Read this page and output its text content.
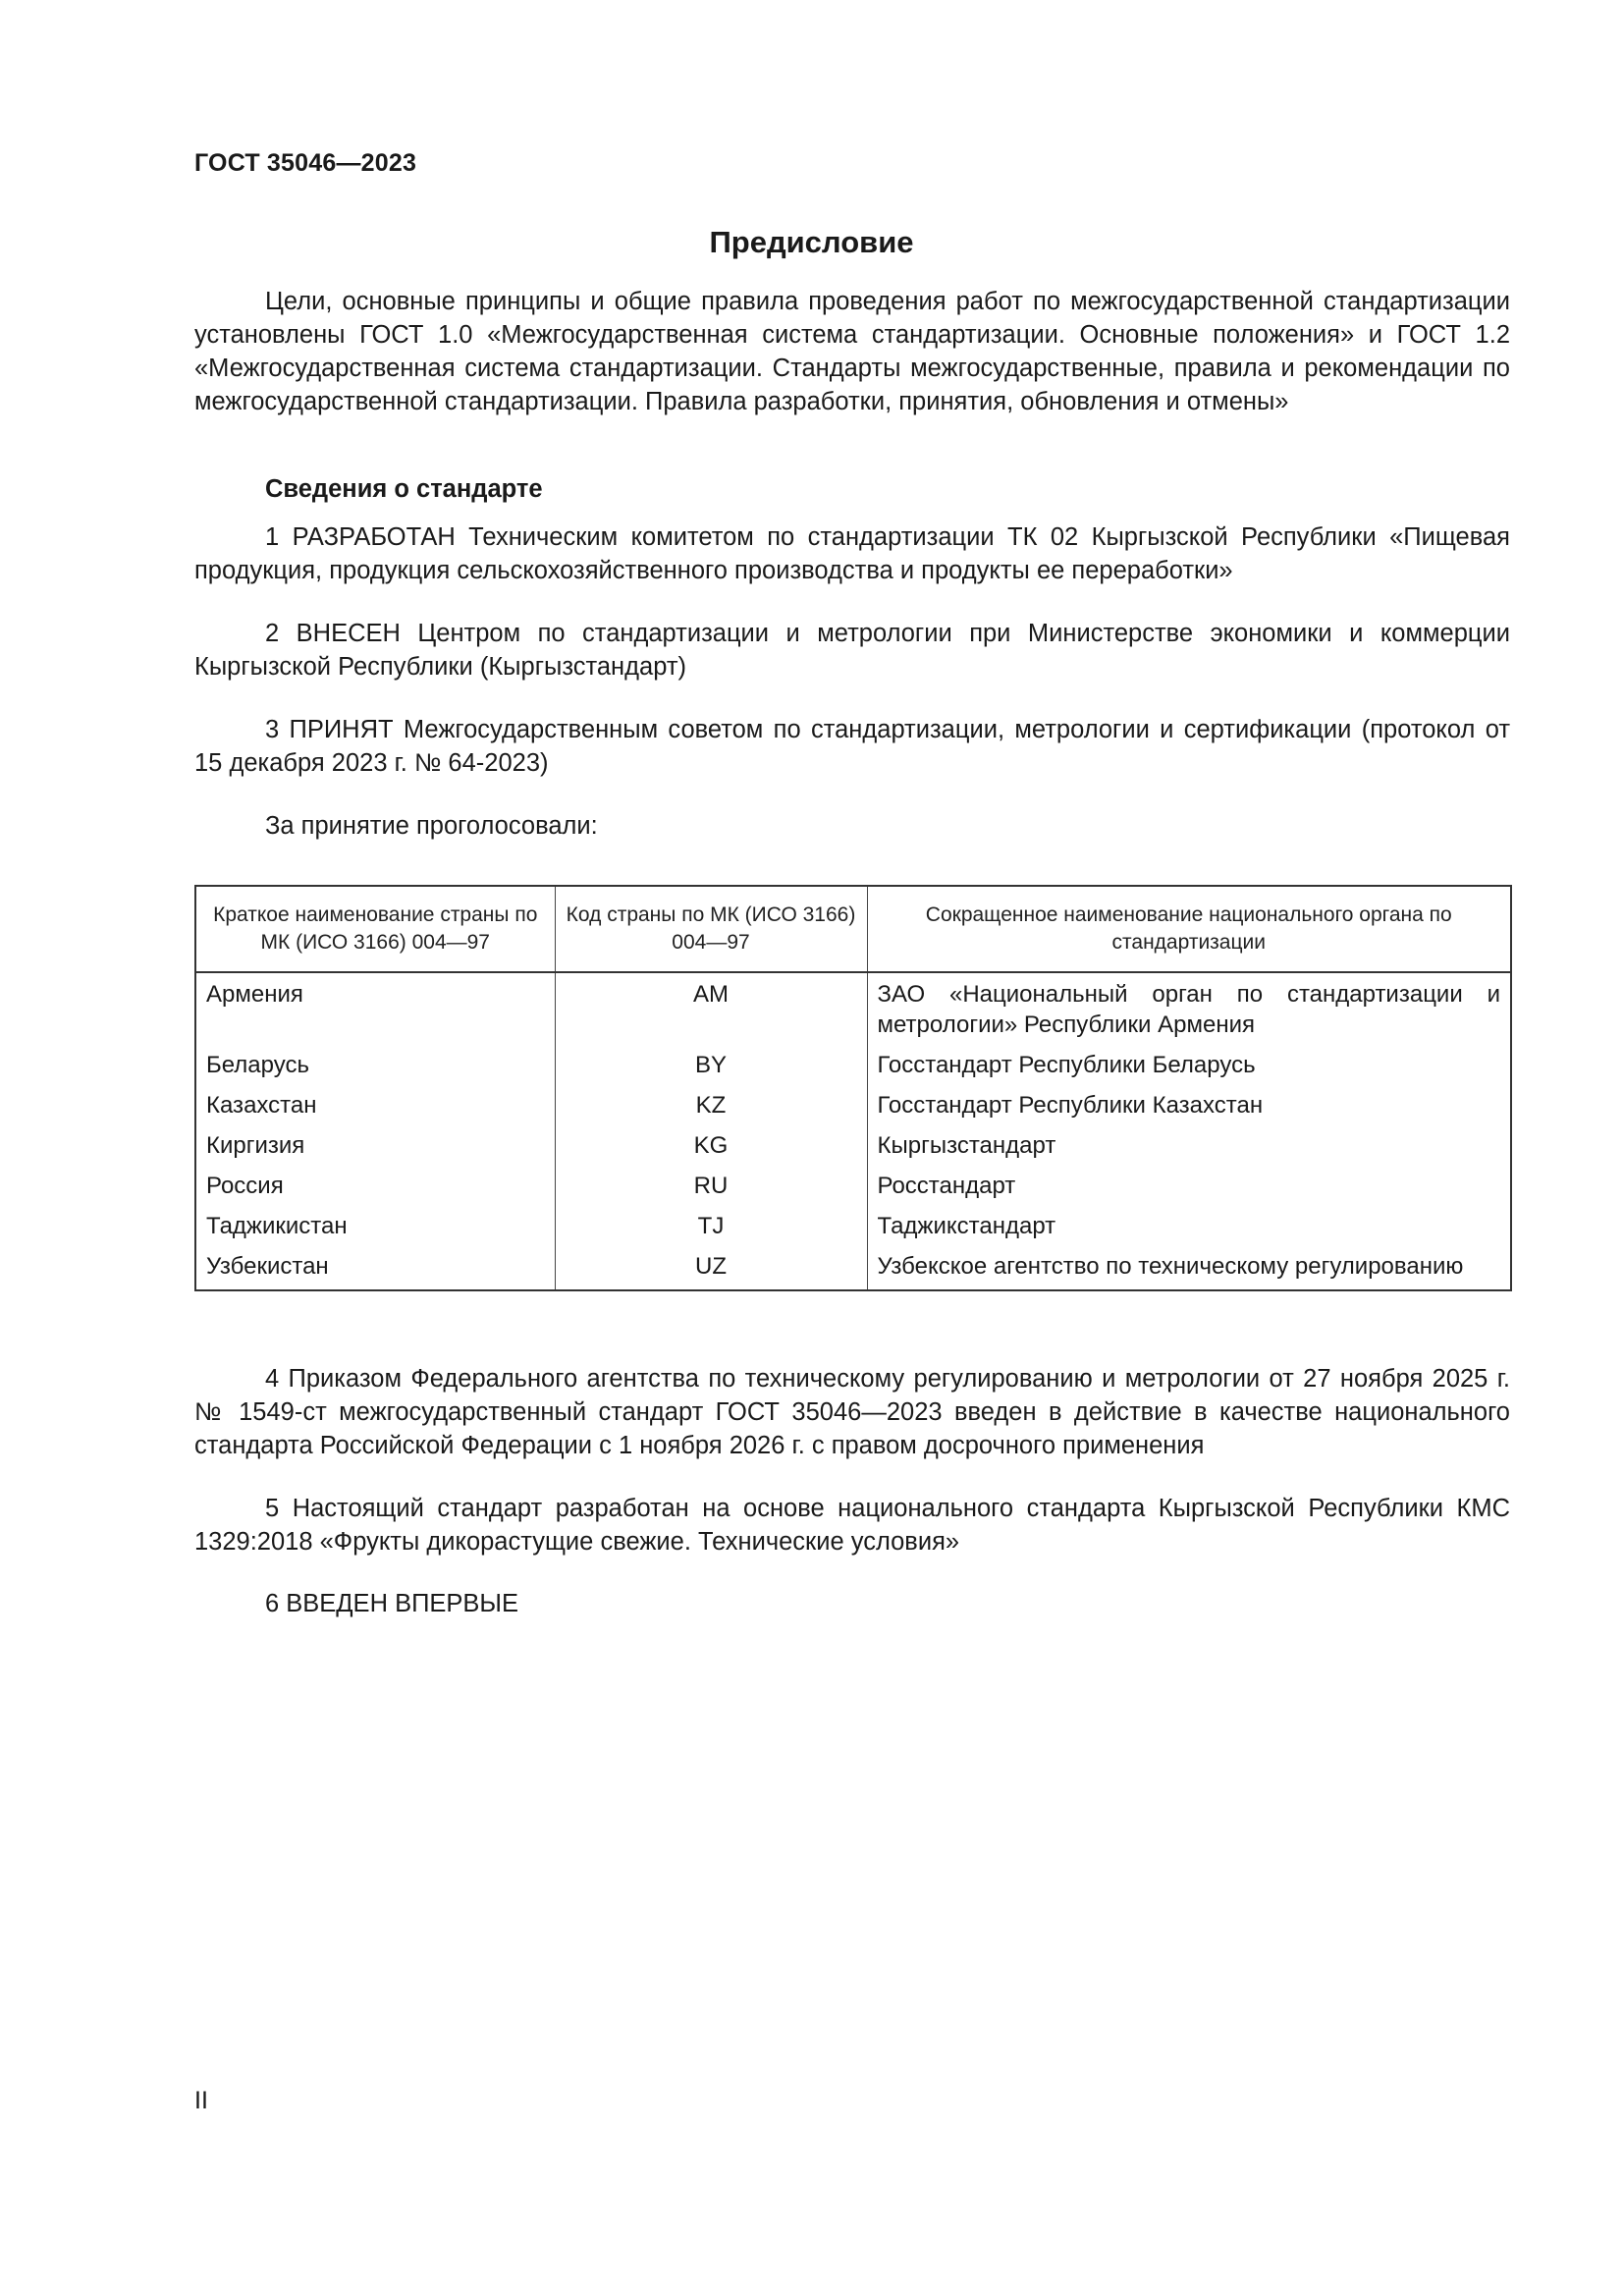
ГОСТ 35046—2023
Предисловие

Цели, основные принципы и общие правила проведения работ по межгосударственной стандартизации установлены ГОСТ 1.0 «Межгосударственная система стандартизации. Основные положения» и ГОСТ 1.2 «Межгосударственная система стандартизации. Стандарты межгосударственные, правила и рекомендации по межгосударственной стандартизации. Правила разработки, принятия, обновления и отмены»

Сведения о стандарте

1 РАЗРАБОТАН Техническим комитетом по стандартизации ТК 02 Кыргызской Республики «Пищевая продукция, продукция сельскохозяйственного производства и продукты ее переработки»

2 ВНЕСЕН Центром по стандартизации и метрологии при Министерстве экономики и коммерции Кыргызской Республики (Кыргызстандарт)

3 ПРИНЯТ Межгосударственным советом по стандартизации, метрологии и сертификации (протокол от 15 декабря 2023 г. № 64-2023)

За принятие проголосовали:
Краткое наименование страны по МК (ИСО 3166) 004—97	Код страны по МК (ИСО 3166) 004—97	Сокращенное наименование национального органа по стандартизации
Армения	AM	ЗАО «Национальный орган по стандартизации и метрологии» Республики Армения
Беларусь	BY	Госстандарт Республики Беларусь
Казахстан	KZ	Госстандарт Республики Казахстан
Киргизия	KG	Кыргызстандарт
Россия	RU	Росстандарт
Таджикистан	TJ	Таджикстандарт
Узбекистан	UZ	Узбекское агентство по техническому регулированию

4 Приказом Федерального агентства по техническому регулированию и метрологии от 27 ноября 2025 г. № 1549-ст межгосударственный стандарт ГОСТ 35046—2023 введен в действие в качестве национального стандарта Российской Федерации с 1 ноября 2026 г. с правом досрочного применения

5 Настоящий стандарт разработан на основе национального стандарта Кыргызской Республики КМС 1329:2018 «Фрукты дикорастущие свежие. Технические условия»

6 ВВЕДЕН ВПЕРВЫЕ
II
